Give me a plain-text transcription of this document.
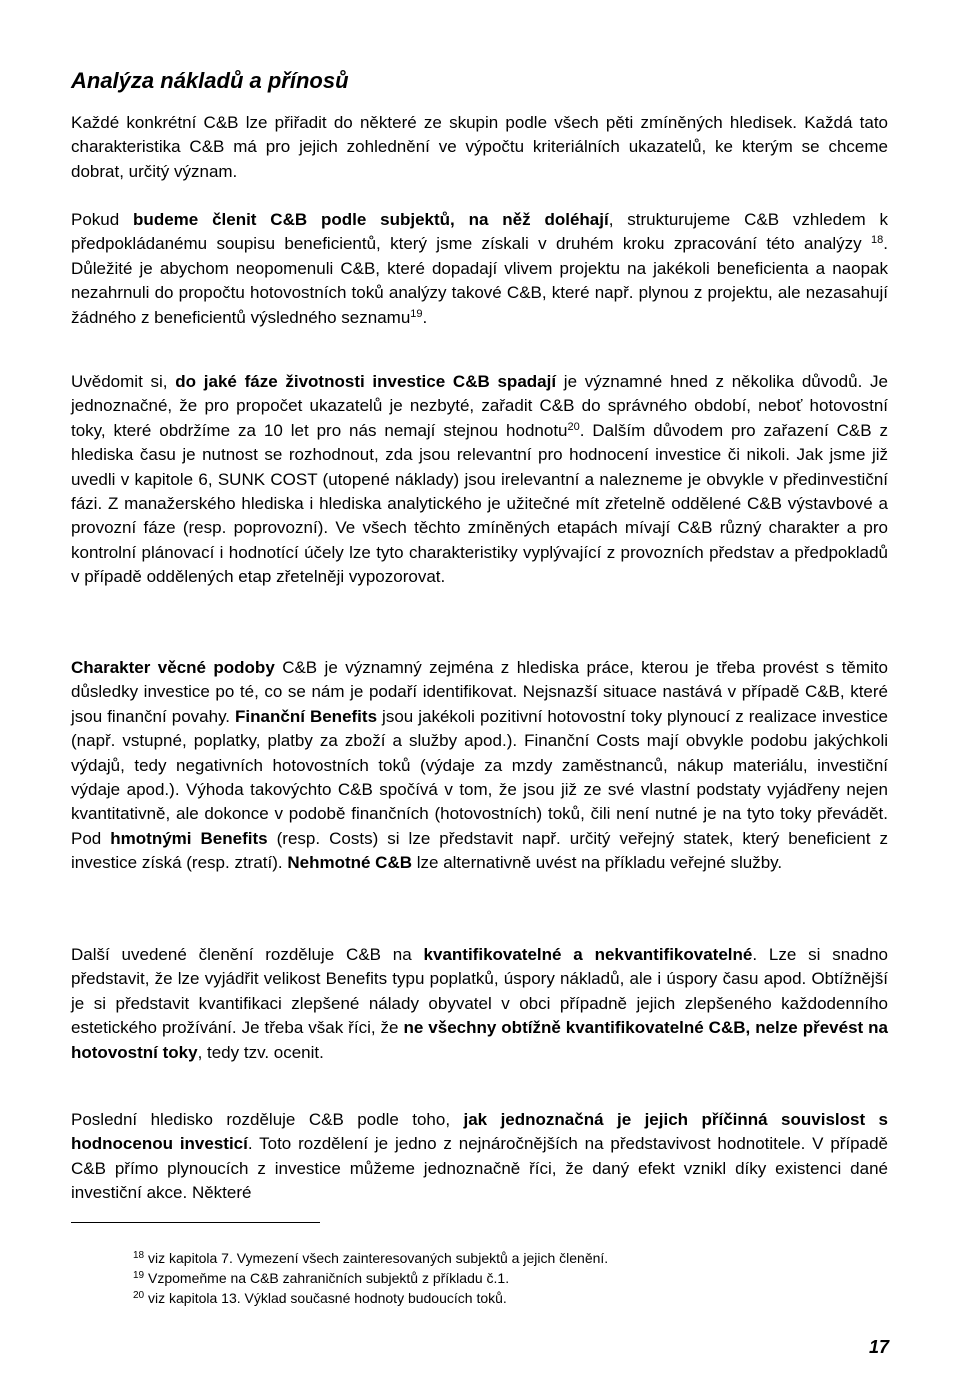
Analýza nákladů a přínosů

Každé konkrétní C&B lze přiřadit do některé ze skupin podle všech pěti zmíněných hledisek. Každá tato charakteristika C&B má pro jejich zohlednění ve výpočtu kriteriálních ukazatelů, ke kterým se chceme dobrat, určitý význam.

Pokud budeme členit C&B podle subjektů, na něž doléhají, strukturujeme C&B vzhledem k předpokládanému soupisu beneficientů, který jsme získali v druhém kroku zpracování této analýzy $^{18}$. Důležité je abychom neopomenuli C&B, které dopadají vlivem projektu na jakékoli beneficienta a naopak nezahrnuli do propočtu hotovostních toků analýzy takové C&B, které např. plynou z projektu, ale nezasahují žádného z beneficientů výsledného seznamu$^{19}$.

Uvědomit si, do jaké fáze životnosti investice C&B spadají je významné hned z několika důvodů. Je jednoznačné, že pro propočet ukazatelů je nezbyté, zařadit C&B do správného období, neboť hotovostní toky, které obdržíme za 10 let pro nás nemají stejnou hodnotu$^{20}$. Dalším důvodem pro zařazení C&B z hlediska času je nutnost se rozhodnout, zda jsou relevantní pro hodnocení investice či nikoli. Jak jsme již uvedli v kapitole 6, SUNK COST (utopené náklady) jsou irelevantní a nalezneme je obvykle v předinvestiční fázi. Z manažerského hlediska i hlediska analytického je užitečné mít zřetelně oddělené C&B výstavbové a provozní fáze (resp. poprovozní). Ve všech těchto zmíněných etapách mívají C&B různý charakter a pro kontrolní plánovací i hodnotící účely lze tyto charakteristiky vyplývající z provozních představ a předpokladů v případě oddělených etap zřetelněji vypozorovat.

Charakter věcné podoby C&B je významný zejména z hlediska práce, kterou je třeba provést s těmito důsledky investice po té, co se nám je podaří identifikovat. Nejsnazší situace nastává v případě C&B, které jsou finanční povahy. Finanční Benefits jsou jakékoli pozitivní hotovostní toky plynoucí z realizace investice (např. vstupné, poplatky, platby za zboží a služby apod.). Finanční Costs mají obvykle podobu jakýchkoli výdajů, tedy negativních hotovostních toků (výdaje za mzdy zaměstnanců, nákup materiálu, investiční výdaje apod.). Výhoda takovýchto C&B spočívá v tom, že jsou již ze své vlastní podstaty vyjádřeny nejen kvantitativně, ale dokonce v podobě finančních (hotovostních) toků, čili není nutné je na tyto toky převádět. Pod hmotnými Benefits (resp. Costs) si lze představit např. určitý veřejný statek, který beneficient z investice získá (resp. ztratí). Nehmotné C&B lze alternativně uvést na příkladu veřejné služby.

Další uvedené členění rozděluje C&B na kvantifikovatelné a nekvantifikovatelné. Lze si snadno představit, že lze vyjádřit velikost Benefits typu poplatků, úspory nákladů, ale i úspory času apod. Obtížnější je si představit kvantifikaci zlepšené nálady obyvatel v obci případně jejich zlepšeného každodenního estetického prožívání. Je třeba však říci, že ne všechny obtížně kvantifikovatelné C&B, nelze převést na hotovostní toky, tedy tzv. ocenit.

Poslední hledisko rozděluje C&B podle toho, jak jednoznačná je jejich příčinná souvislost s hodnocenou investicí. Toto rozdělení je jedno z nejnáročnějších na představivost hodnotitele. V případě C&B přímo plynoucích z investice můžeme jednoznačně říci, že daný efekt vznikl díky existenci dané investiční akce. Některé

$^{18}$ viz kapitola 7. Vymezení všech zainteresovaných subjektů a jejich členění.

$^{19}$ Vzpomeňme na C&B zahraničních subjektů z příkladu č.1.

$^{20}$ viz kapitola 13. Výklad současné hodnoty budoucích toků.

17
